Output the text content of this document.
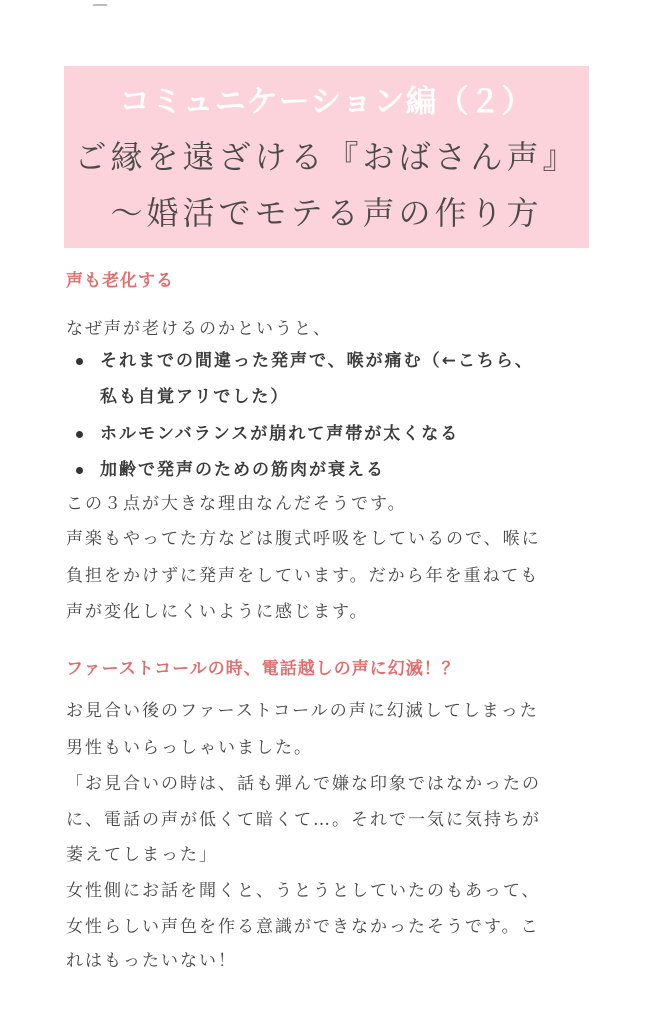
コミュニケーション編（２）
ご縁を遠ざける『おばさん声』
〜婚活でモテる声の作り方
声も老化する
なぜ声が老けるのかというと、
それまでの間違った発声で、喉が痛む（←こちら、
私も自覚アリでした）
ホルモンバランスが崩れて声帯が太くなる
加齢で発声のための筋肉が衰える
この３点が大きな理由なんだそうです。
声楽もやってた方などは腹式呼吸をしているので、喉に
負担をかけずに発声をしています。だから年を重ねても
声が変化しにくいように感じます。
ファーストコールの時、電話越しの声に幻滅！？
お見合い後のファーストコールの声に幻滅してしまった
男性もいらっしゃいました。
「お見合いの時は、話も弾んで嫌な印象ではなかったの
に、電話の声が低くて暗くて…。それで一気に気持ちが
萎えてしまった」
女性側にお話を聞くと、うとうとしていたのもあって、
女性らしい声色を作る意識ができなかったそうです。こ
れはもったいない！
